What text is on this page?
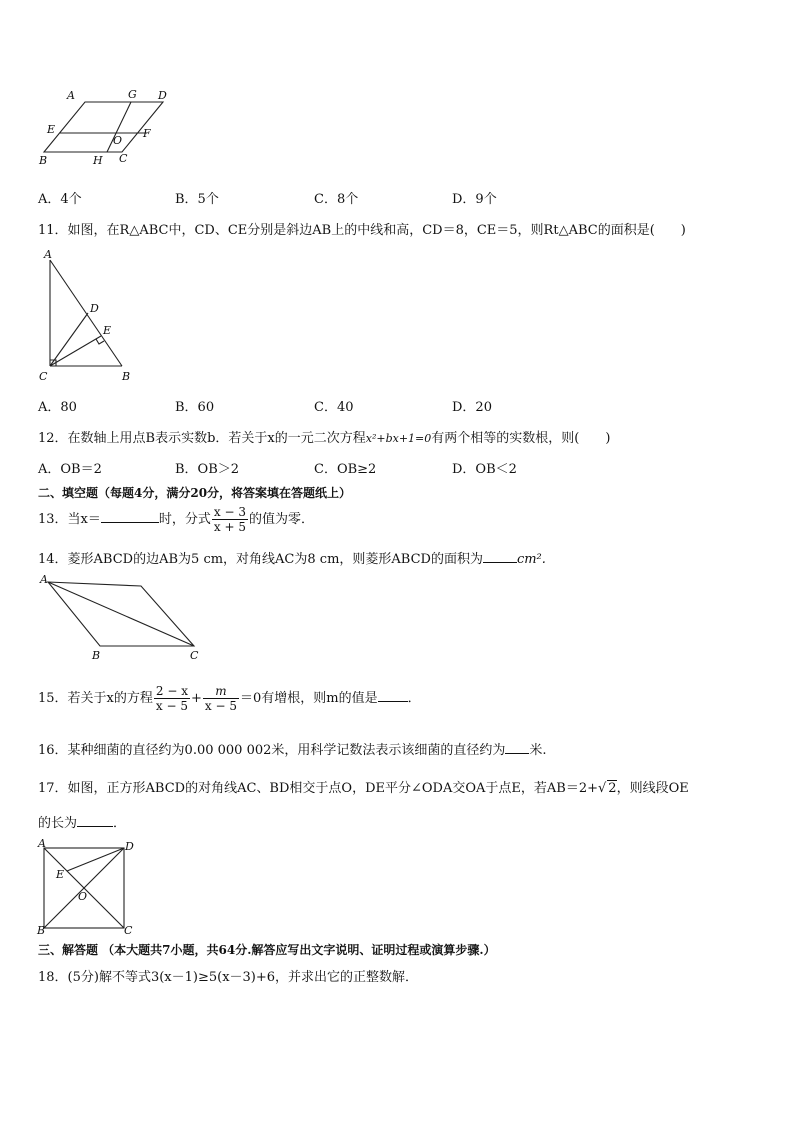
A	G D
E
O
F
B	H C
A．4个	B．5个	C．8个	D．9个
11．如图，在R△ABC中，CD、CE分别是斜边AB上的中线和高，CD＝8，CE＝5，则Rt△ABC的面积是(　　)
A
D
E
C	B
A．80	B．60	C．40	D．20
12．在数轴上用点B表示实数b．若关于x的一元二次方程x²+bx+1=0有两个相等的实数根，则(　　)
A．OB＝2	B．OB＞2	C．OB≥2	D．OB＜2
二、填空题（每题4分，满分20分，将答案填在答题纸上）
13．当x＝	时，分式 $\frac{x - 3}{x + 5}$ 的值为零．
14．菱形ABCD的边AB为5 cm，对角线AC为8 cm，则菱形ABCD的面积为	cm².
A
B	C
15．若关于x的方程 $\frac{2 - x}{x - 5} + \frac{m}{x - 5} =0$有增根，则m的值是 ．
16．某种细菌的直径约为0.00 000 002米，用科学记数法表示该细菌的直径约为 米.
17．如图，正方形ABCD的对角线AC、BD相交于点O，DE平分∠ODA交OA于点E，若AB＝2+√ 2，则线段OE
的长为	．
A	D
E
O
B	C
三、解答题 （本大题共7小题，共64分.解答应写出文字说明、证明过程或演算步骤.）
18．(5分)解不等式3(x－1)≥5(x－3)+6，并求出它的正整数解．
